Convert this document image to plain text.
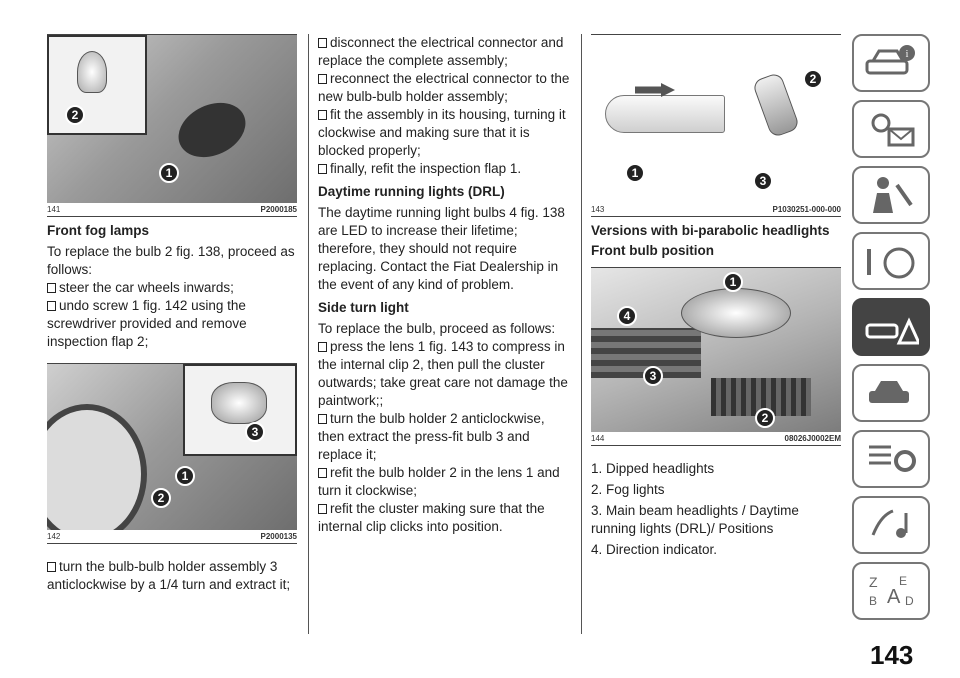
2
1
141	P2000185
Front fog lamps

To replace the bulb 2 fig. 138, proceed as follows:

steer the car wheels inwards;
undo screw 1 fig. 142 using the screwdriver provided and remove inspection flap 2;
3
1
2
142	P2000135
turn the bulb-bulb holder assembly 3 anticlockwise by a 1/4 turn and extract it;
disconnect the electrical connector and replace the complete assembly;
reconnect the electrical connector to the new bulb-bulb holder assembly;
fit the assembly in its housing, turning it clockwise and making sure that it is blocked properly;
finally, refit the inspection flap 1.
Daytime running lights (DRL)

The daytime running light bulbs 4 fig. 138 are LED to increase their lifetime; therefore, they should not require replacing. Contact the Fiat Dealership in the event of any kind of problem.

Side turn light

To replace the bulb, proceed as follows:

press the lens 1 fig. 143 to compress in the internal clip 2, then pull the cluster outwards; take great care not damage the paintwork;;
turn the bulb holder 2 anticlockwise, then extract the press-fit bulb 3 and replace it;
refit the bulb holder 2 in the lens 1 and turn it clockwise;
refit the cluster making sure that the internal clip clicks into position.
2
1
3
143	P1030251-000-000
Versions with bi-parabolic headlights
Front bulb position
1
4
3
2
144	08026J0002EM

1. Dipped headlights

2. Fog lights

3. Main beam headlights / Daytime running lights (DRL)/ Positions

4. Direction indicator.

i
Z E
A
B D
143
